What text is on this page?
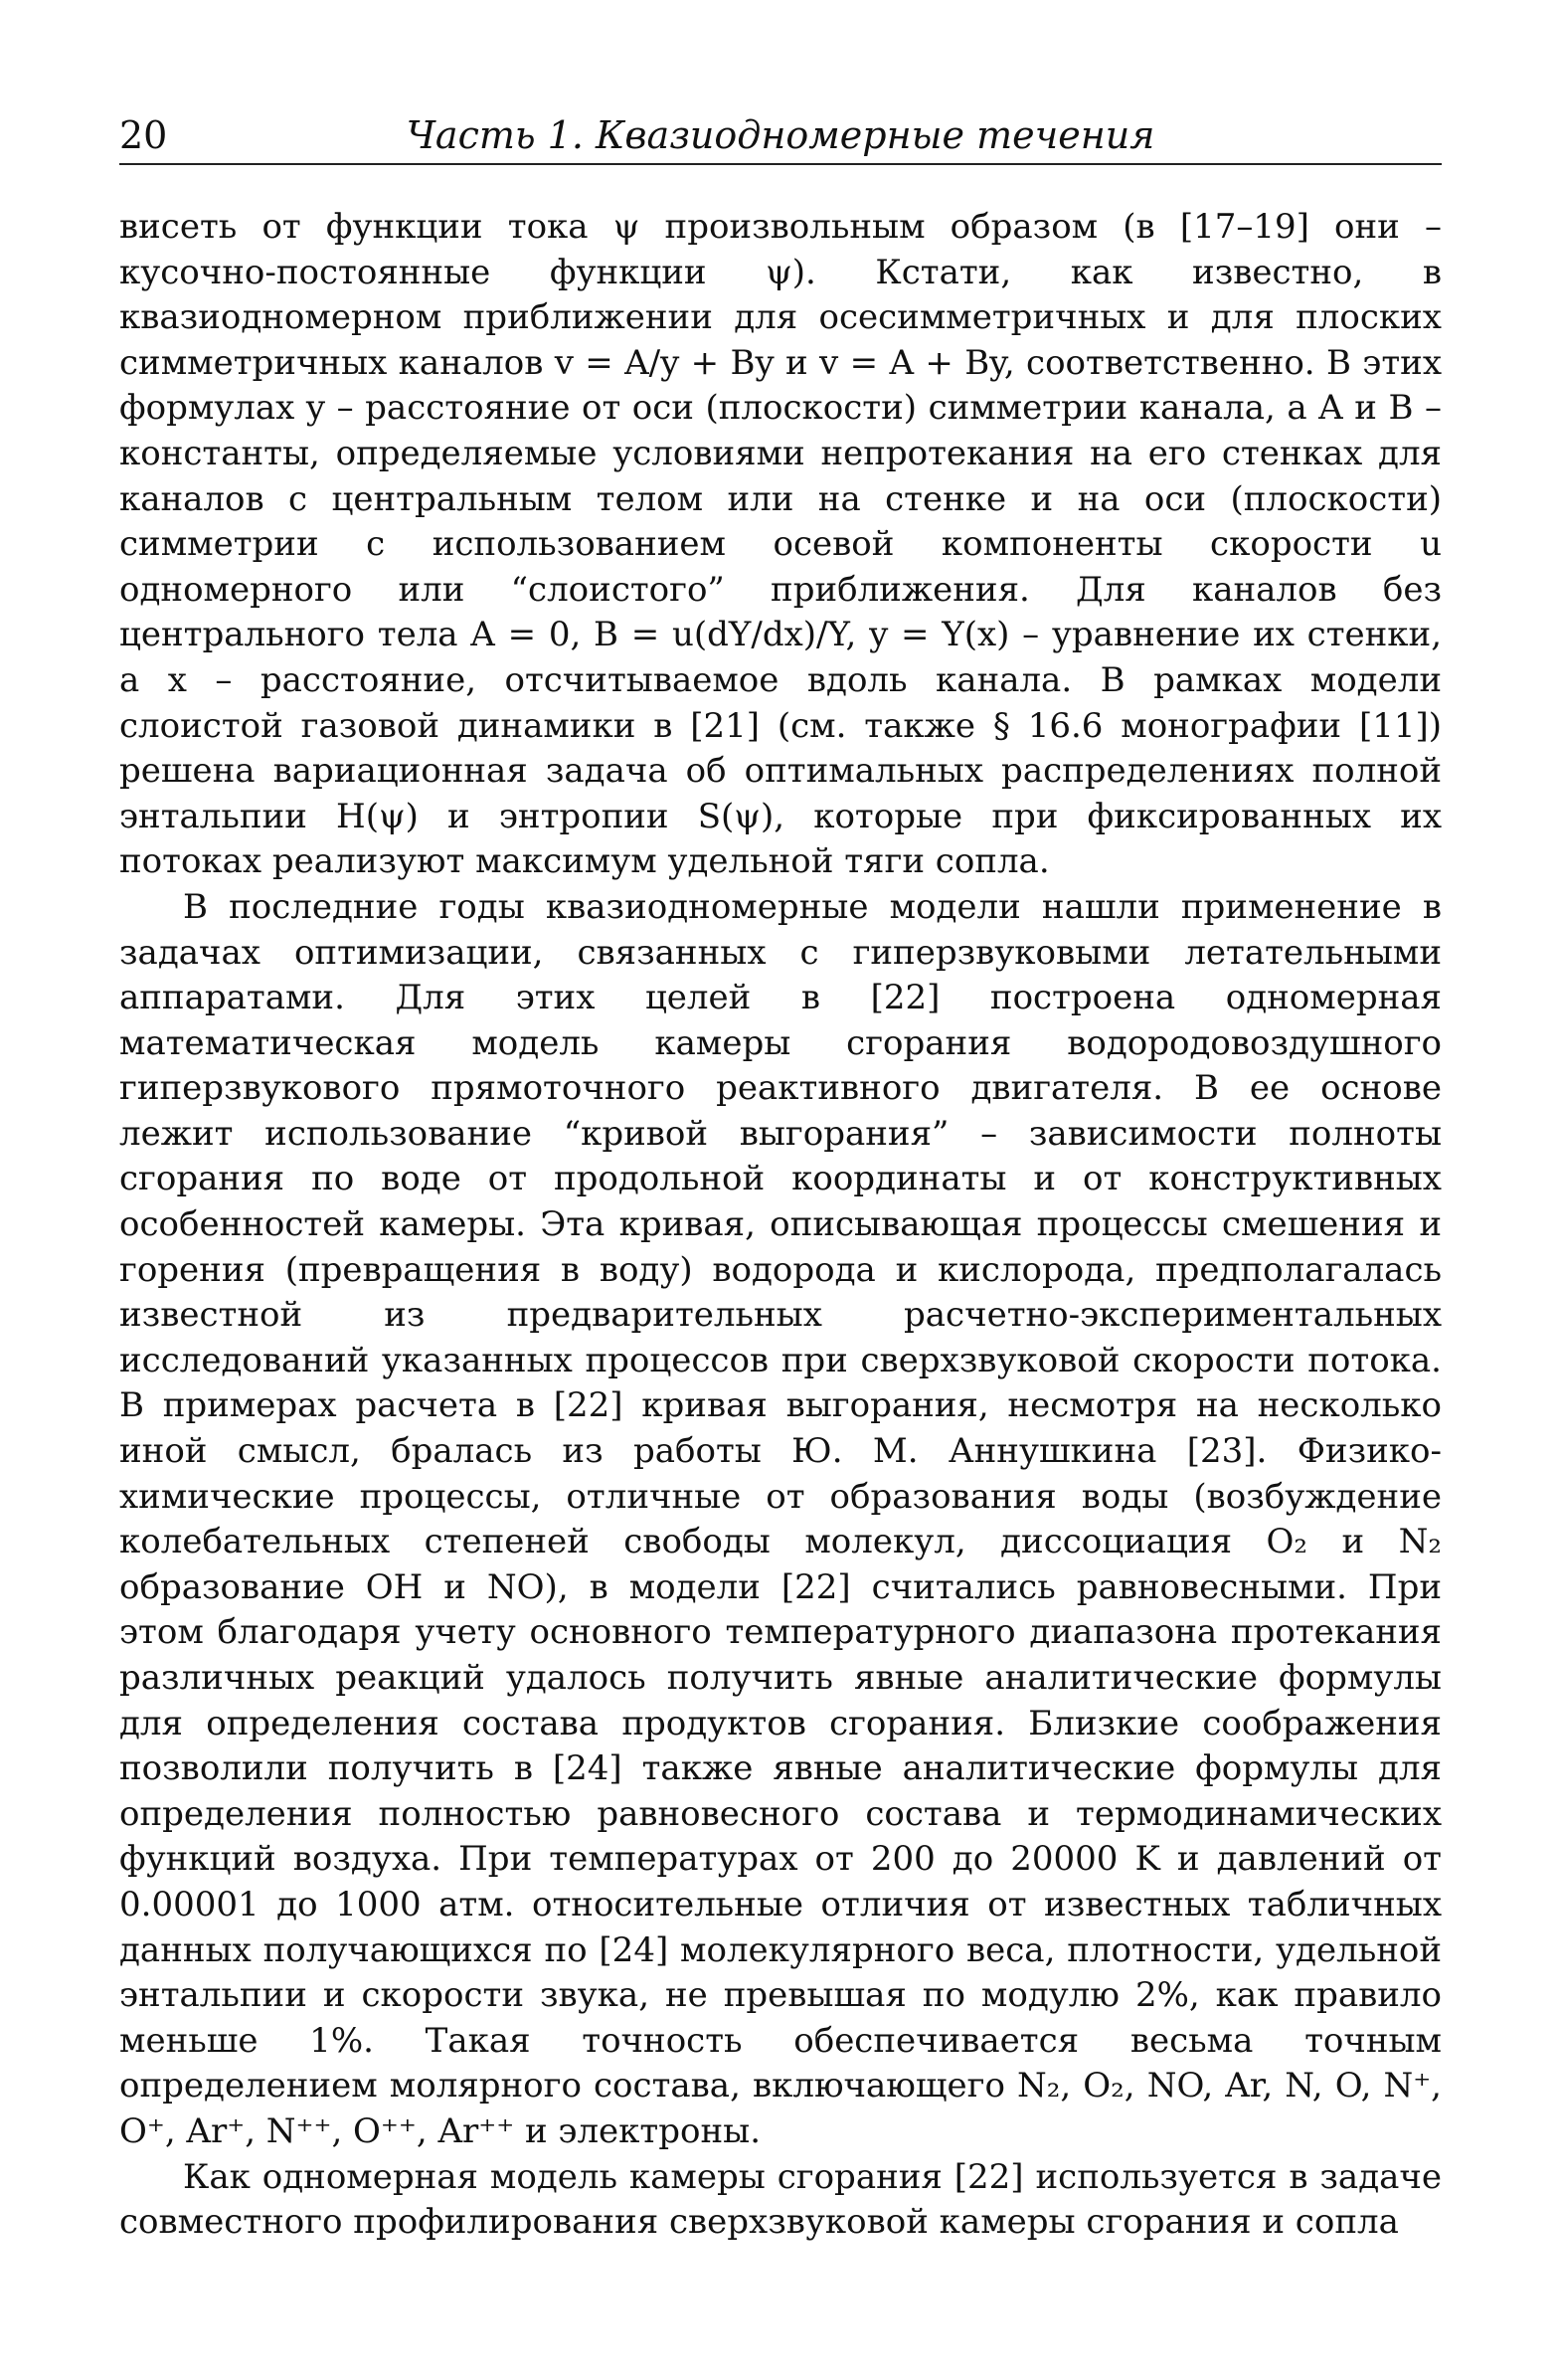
20	Часть 1. Квазиодномерные течения

висеть от функции тока ψ произвольным образом (в [17–19] они – кусочно-постоянные функции ψ). Кстати, как известно, в квазиодномерном приближении для осесимметричных и для плоских симметричных каналов v = A/y + By и v = A + By, соответственно. В этих формулах y – расстояние от оси (плоскости) симметрии канала, а A и B – константы, определяемые условиями непротекания на его стенках для каналов с центральным телом или на стенке и на оси (плоскости) симметрии с использованием осевой компоненты скорости u одномерного или “слоистого” приближения. Для каналов без центрального тела A = 0, B = u(dY/dx)/Y, y = Y(x) – уравнение их стенки, а x – расстояние, отсчитываемое вдоль канала. В рамках модели слоистой газовой динамики в [21] (см. также § 16.6 монографии [11]) решена вариационная задача об оптимальных распределениях полной энтальпии H(ψ) и энтропии S(ψ), которые при фиксированных их потоках реализуют максимум удельной тяги сопла.

В последние годы квазиодномерные модели нашли применение в задачах оптимизации, связанных с гиперзвуковыми летательными аппаратами. Для этих целей в [22] построена одномерная математическая модель камеры сгорания водородовоздушного гиперзвукового прямоточного реактивного двигателя. В ее основе лежит использование “кривой выгорания” – зависимости полноты сгорания по воде от продольной координаты и от конструктивных особенностей камеры. Эта кривая, описывающая процессы смешения и горения (превращения в воду) водорода и кислорода, предполагалась известной из предварительных расчетно-экспериментальных исследований указанных процессов при сверхзвуковой скорости потока. В примерах расчета в [22] кривая выгорания, несмотря на несколько иной смысл, бралась из работы Ю. М. Аннушкина [23]. Физико-химические процессы, отличные от образования воды (возбуждение колебательных степеней свободы молекул, диссоциация O₂ и N₂ образование OH и NO), в модели [22] считались равновесными. При этом благодаря учету основного температурного диапазона протекания различных реакций удалось получить явные аналитические формулы для определения состава продуктов сгорания. Близкие соображения позволили получить в [24] также явные аналитические формулы для определения полностью равновесного состава и термодинамических функций воздуха. При температурах от 200 до 20000 K и давлений от 0.00001 до 1000 атм. относительные отличия от известных табличных данных получающихся по [24] молекулярного веса, плотности, удельной энтальпии и скорости звука, не превышая по модулю 2%, как правило меньше 1%. Такая точность обеспечивается весьма точным определением молярного состава, включающего N₂, O₂, NO, Ar, N, O, N⁺, O⁺, Ar⁺, N⁺⁺, O⁺⁺, Ar⁺⁺ и электроны.

Как одномерная модель камеры сгорания [22] используется в задаче совместного профилирования сверхзвуковой камеры сгорания и сопла
